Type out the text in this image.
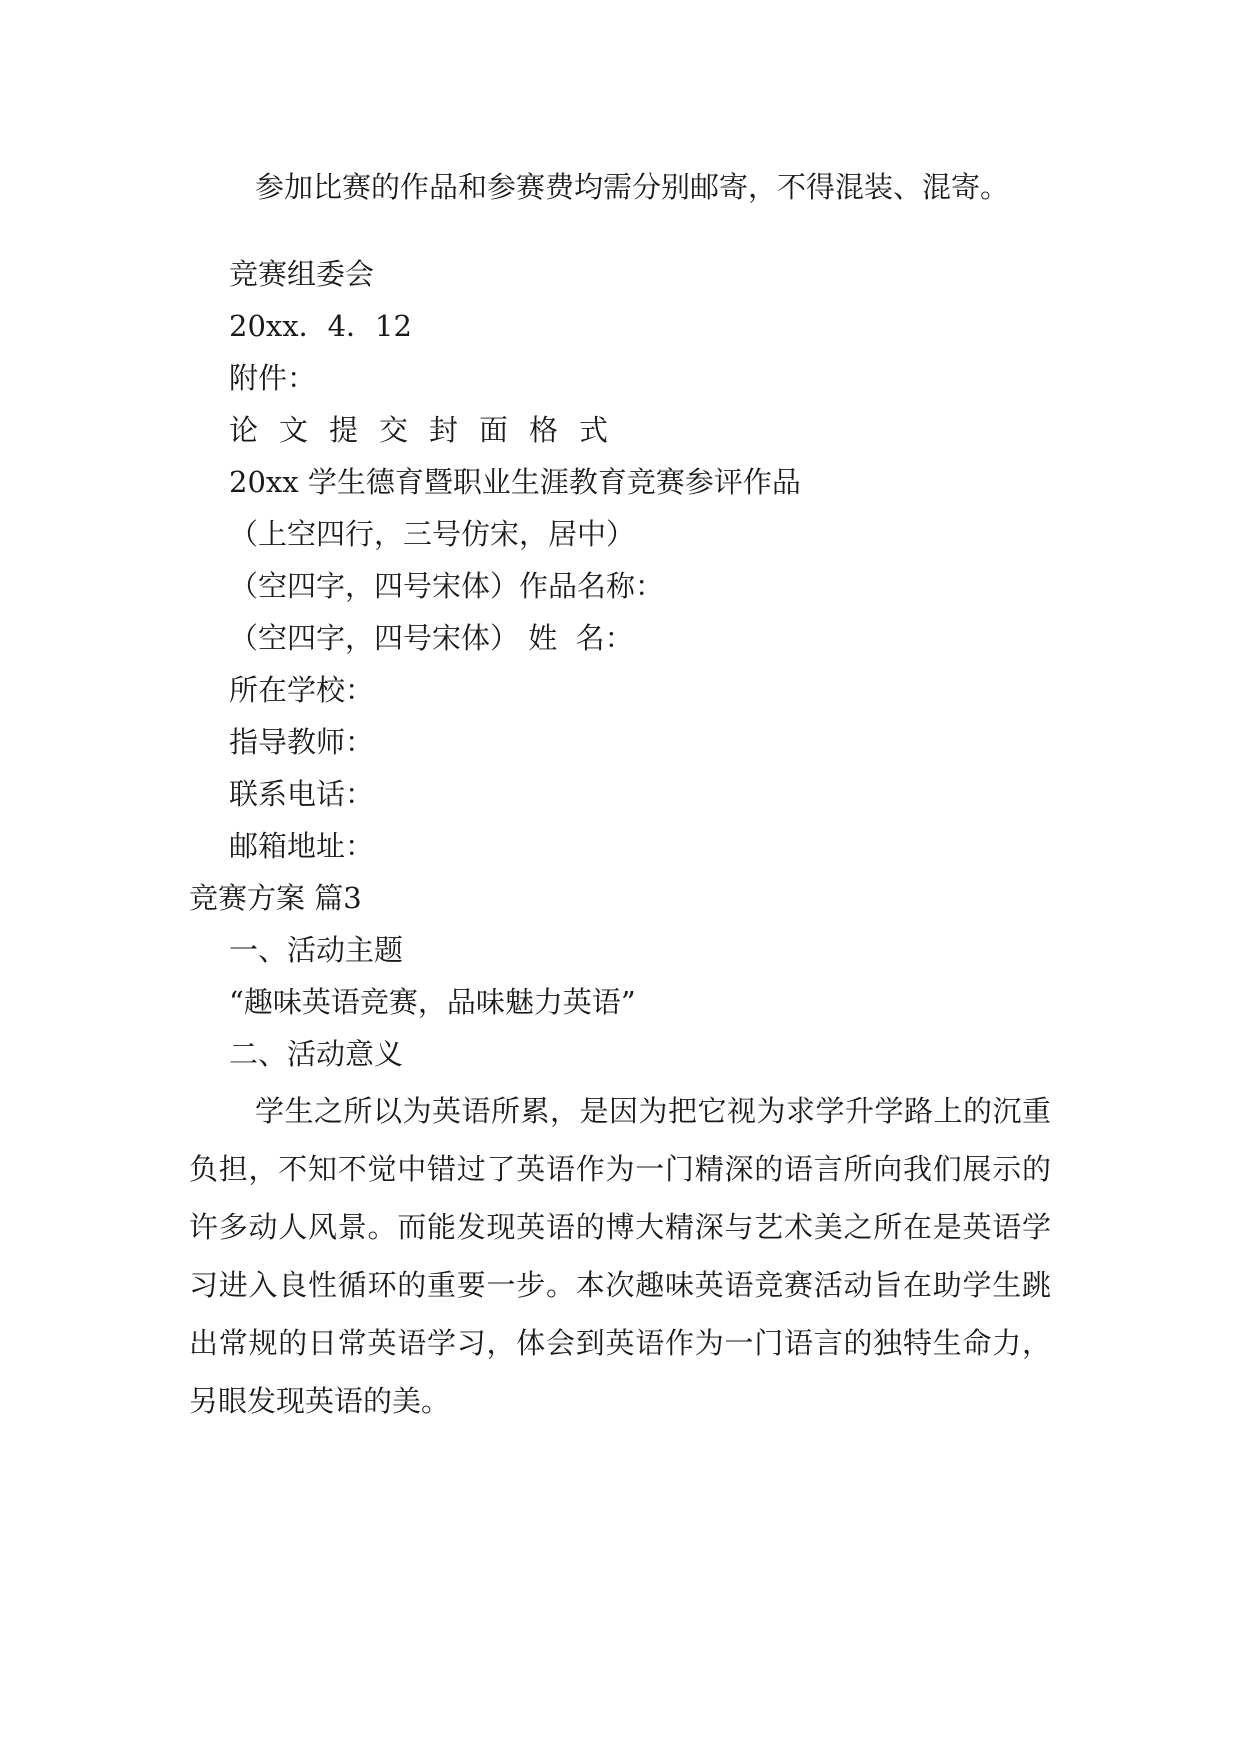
参加比赛的作品和参赛费均需分别邮寄，不得混装、混寄。
竞赛组委会
20xx．4．12
附件：
论文提交封面格式
20xx 学生德育暨职业生涯教育竞赛参评作品
（上空四行，三号仿宋，居中）
（空四字，四号宋体）作品名称：
（空四字，四号宋体） 姓  名：
所在学校：
指导教师：
联系电话：
邮箱地址：
竞赛方案 篇3
一、活动主题
“趣味英语竞赛，品味魅力英语”
二、活动意义
学生之所以为英语所累，是因为把它视为求学升学路上的沉重负担，不知不觉中错过了英语作为一门精深的语言所向我们展示的许多动人风景。而能发现英语的博大精深与艺术美之所在是英语学习进入良性循环的重要一步。本次趣味英语竞赛活动旨在助学生跳出常规的日常英语学习，体会到英语作为一门语言的独特生命力，另眼发现英语的美。
